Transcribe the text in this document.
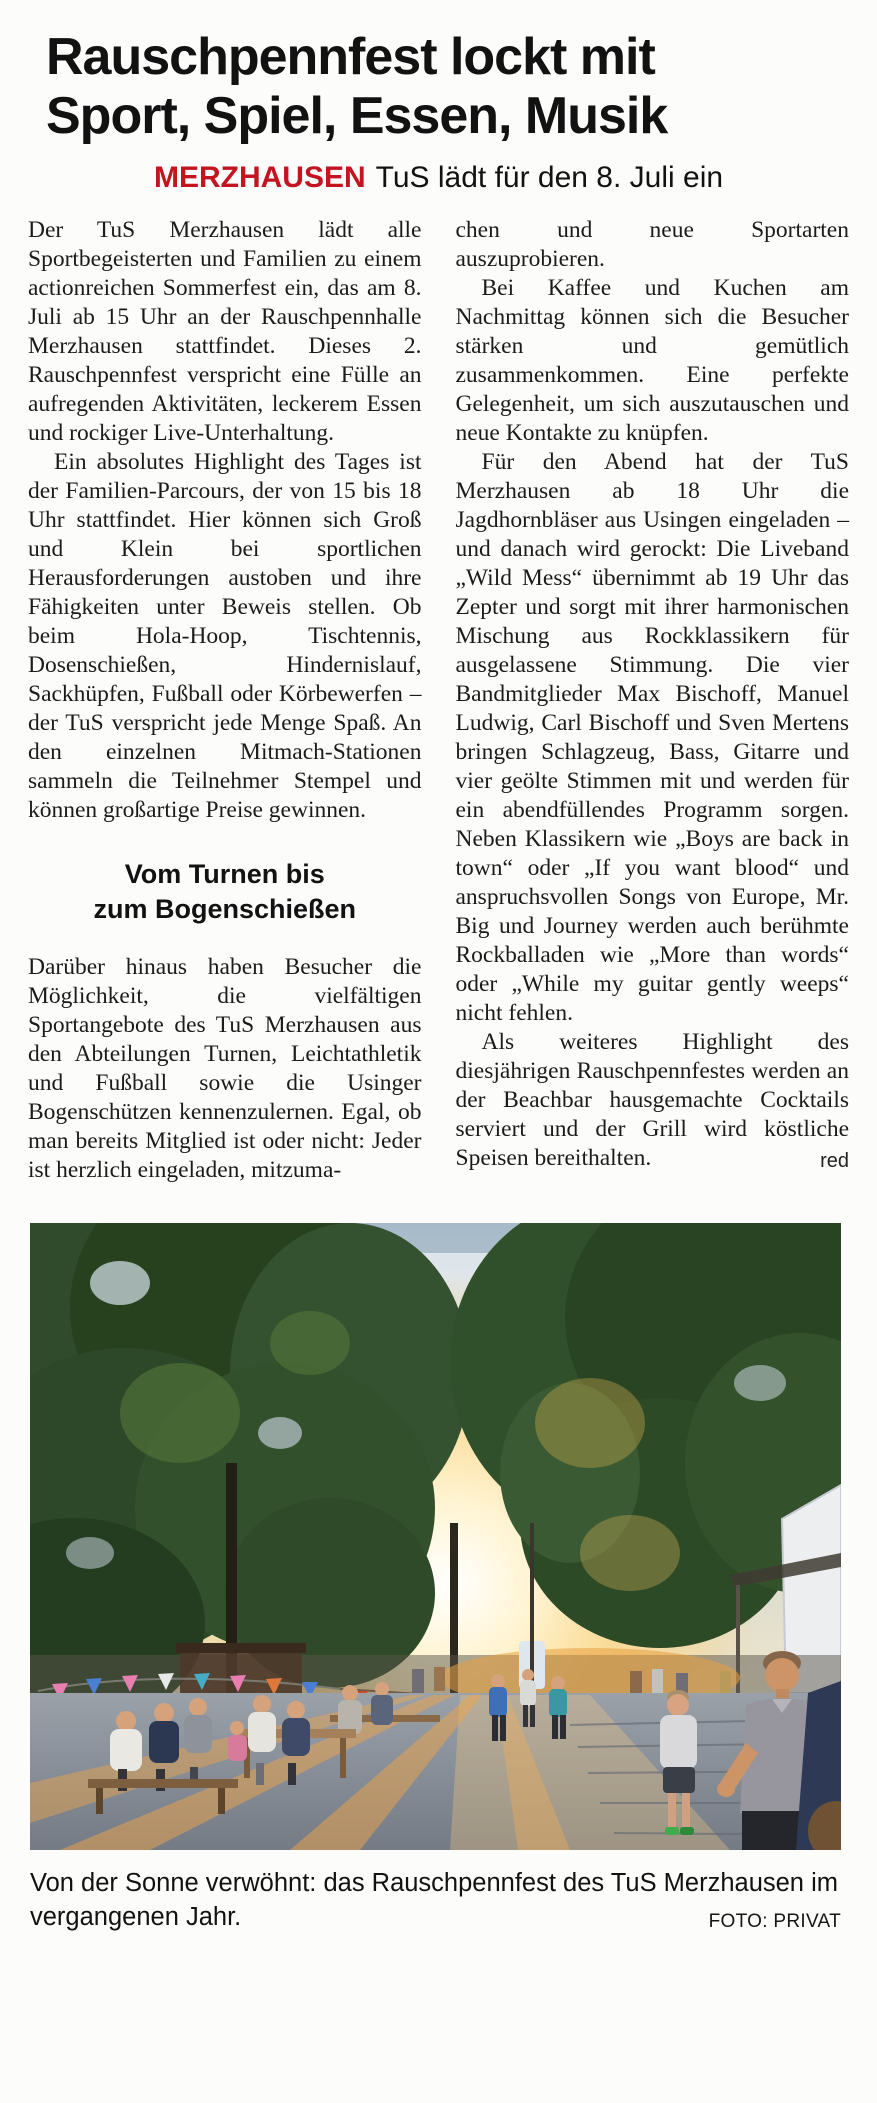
Rauschpennfest lockt mit
Sport, Spiel, Essen, Musik
MERZHAUSEN TuS lädt für den 8. Juli ein

Der TuS Merzhausen lädt alle Sportbegeisterten und Familien zu einem actionreichen Sommerfest ein, das am 8. Juli ab 15 Uhr an der Rauschpennhalle Merzhausen stattfindet. Dieses 2. Rauschpennfest verspricht eine Fülle an aufregenden Aktivitäten, leckerem Essen und rockiger Live-Unterhaltung.

Ein absolutes Highlight des Tages ist der Familien-Parcours, der von 15 bis 18 Uhr stattfindet. Hier können sich Groß und Klein bei sportlichen Herausforderungen austoben und ihre Fähigkeiten unter Beweis stellen. Ob beim Hola-Hoop, Tischtennis, Dosenschießen, Hindernislauf, Sackhüpfen, Fußball oder Körbewerfen – der TuS verspricht jede Menge Spaß. An den einzelnen Mitmach-Stationen sammeln die Teilnehmer Stempel und können großartige Preise gewinnen.

Vom Turnen bis
zum Bogenschießen

Darüber hinaus haben Besucher die Möglichkeit, die vielfältigen Sportangebote des TuS Merzhausen aus den Abteilungen Turnen, Leichtathletik und Fußball sowie die Usinger Bogenschützen kennenzulernen. Egal, ob man bereits Mitglied ist oder nicht: Jeder ist herzlich eingeladen, mitzuma-

chen und neue Sportarten auszuprobieren.

Bei Kaffee und Kuchen am Nachmittag können sich die Besucher stärken und gemütlich zusammenkommen. Eine perfekte Gelegenheit, um sich auszutauschen und neue Kontakte zu knüpfen.

Für den Abend hat der TuS Merzhausen ab 18 Uhr die Jagdhornbläser aus Usingen eingeladen – und danach wird gerockt: Die Liveband „Wild Mess“ übernimmt ab 19 Uhr das Zepter und sorgt mit ihrer harmonischen Mischung aus Rockklassikern für ausgelassene Stimmung. Die vier Bandmitglieder Max Bischoff, Manuel Ludwig, Carl Bischoff und Sven Mertens bringen Schlagzeug, Bass, Gitarre und vier geölte Stimmen mit und werden für ein abendfüllendes Programm sorgen. Neben Klassikern wie „Boys are back in town“ oder „If you want blood“ und anspruchsvollen Songs von Europe, Mr. Big und Journey werden auch berühmte Rockballaden wie „More than words“ oder „While my guitar gently weeps“ nicht fehlen.

Als weiteres Highlight des diesjährigen Rauschpennfestes werden an der Beachbar hausgemachte Cocktails serviert und der Grill wird köstliche Speisen bereithalten.	red

Von der Sonne verwöhnt: das Rauschpennfest des TuS Merzhausen im vergangenen Jahr.	FOTO: PRIVAT
